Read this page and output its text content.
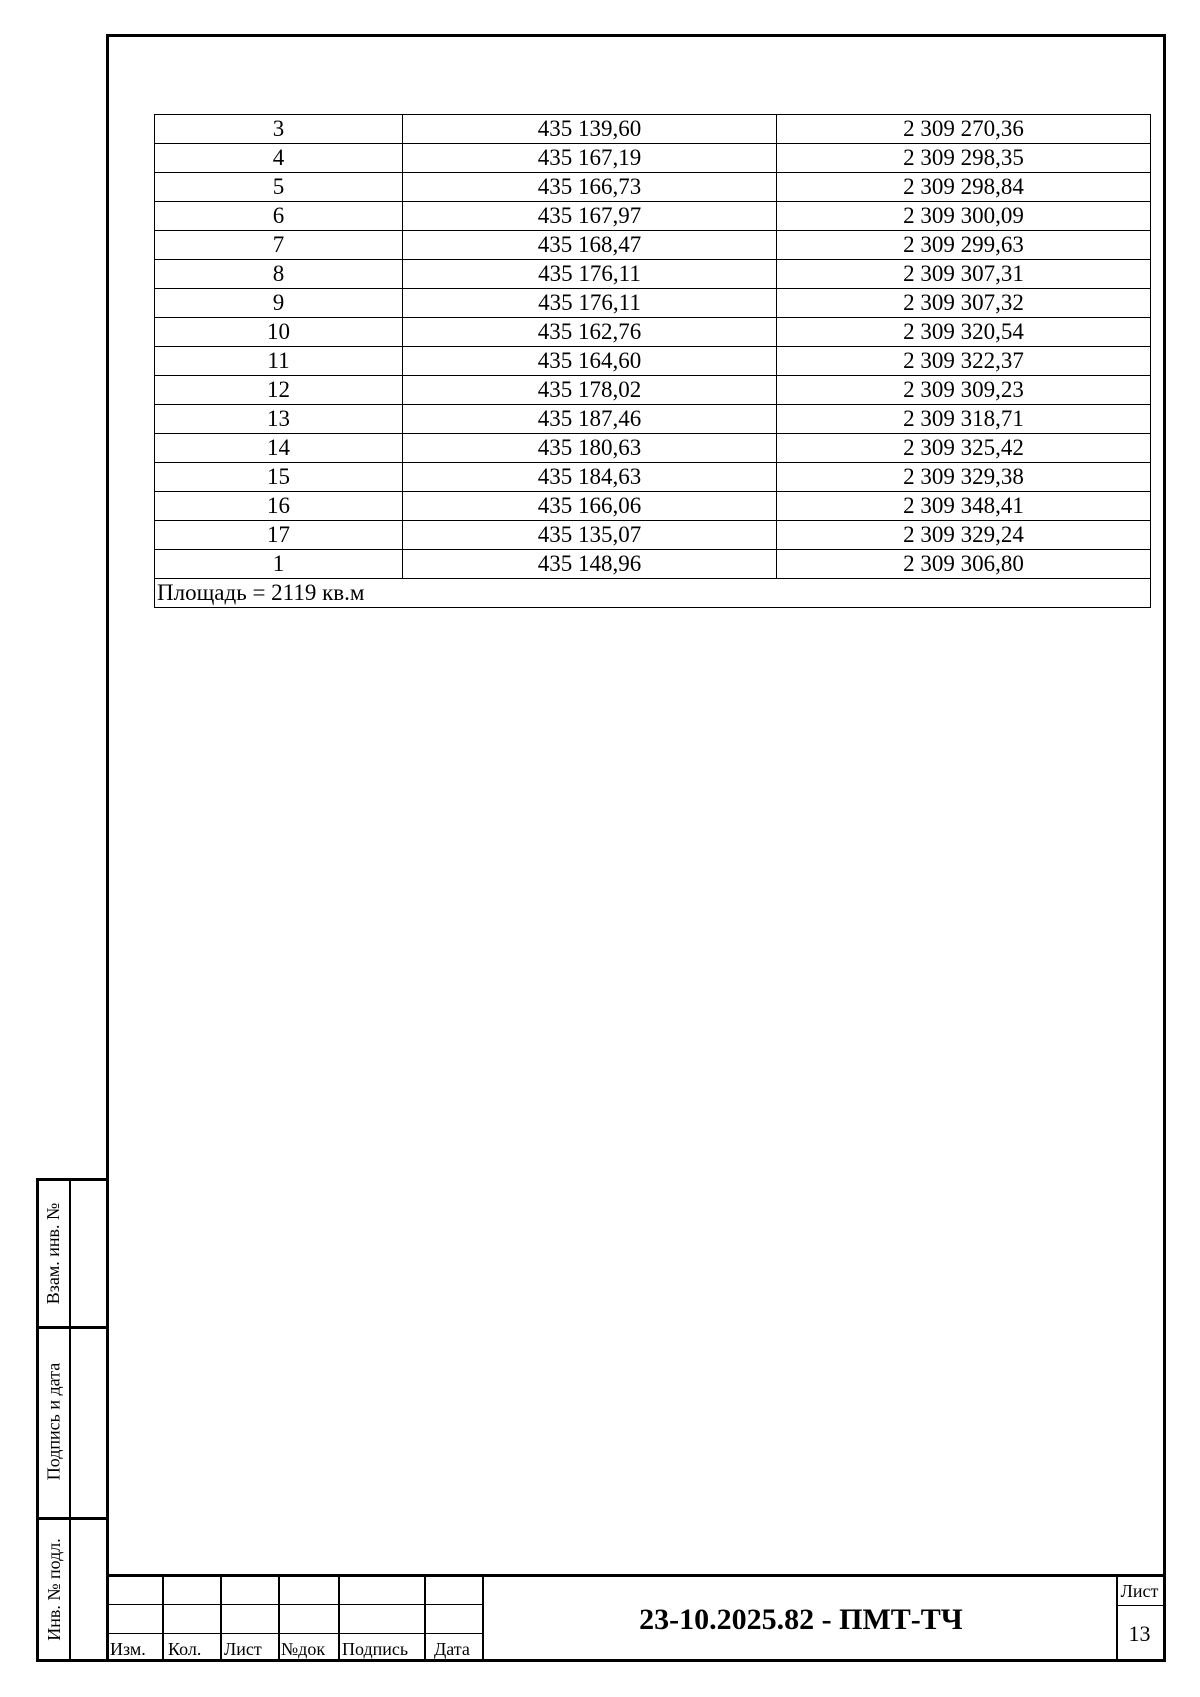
3	435 139,60	2 309 270,36
4	435 167,19	2 309 298,35
5	435 166,73	2 309 298,84
6	435 167,97	2 309 300,09
7	435 168,47	2 309 299,63
8	435 176,11	2 309 307,31
9	435 176,11	2 309 307,32
10	435 162,76	2 309 320,54
11	435 164,60	2 309 322,37
12	435 178,02	2 309 309,23
13	435 187,46	2 309 318,71
14	435 180,63	2 309 325,42
15	435 184,63	2 309 329,38
16	435 166,06	2 309 348,41
17	435 135,07	2 309 329,24
1	435 148,96	2 309 306,80
Площадь = 2119 кв.м		
Взам. инв. №
Подпись и дата
Инв. № подл.
Изм. Кол. Лист №док Подпись Дата
23-10.2025.82 - ПМТ-ТЧ
Лист
13
